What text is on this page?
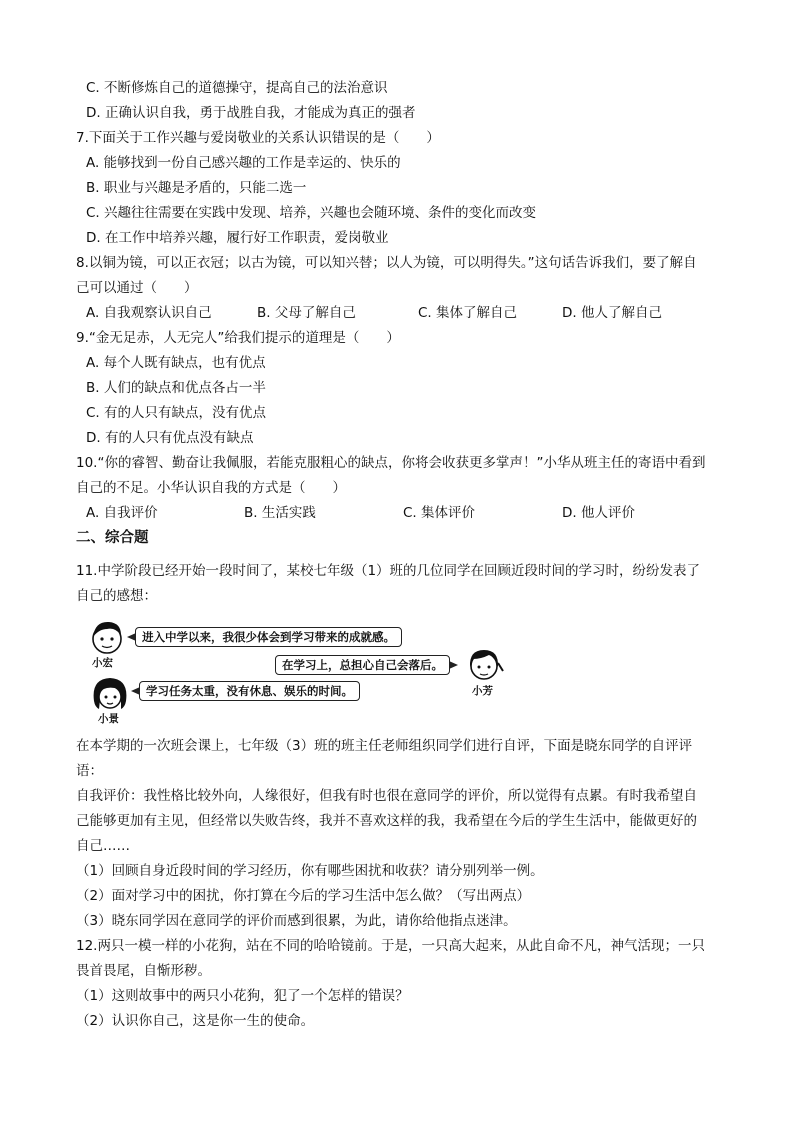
C. 不断修炼自己的道德操守，提高自己的法治意识
D. 正确认识自我，勇于战胜自我，才能成为真正的强者
7.下面关于工作兴趣与爱岗敬业的关系认识错误的是（　　）
A. 能够找到一份自己感兴趣的工作是幸运的、快乐的
B. 职业与兴趣是矛盾的，只能二选一
C. 兴趣往往需要在实践中发现、培养，兴趣也会随环境、条件的变化而改变
D. 在工作中培养兴趣，履行好工作职责，爱岗敬业
8.以铜为镜，可以正衣冠；以古为镜，可以知兴替；以人为镜，可以明得失。”这句话告诉我们，要了解自
己可以通过（　　）
A. 自我观察认识自己	B. 父母了解自己	C. 集体了解自己	D. 他人了解自己
9.“金无足赤，人无完人”给我们提示的道理是（　　）
A. 每个人既有缺点，也有优点
B. 人们的缺点和优点各占一半
C. 有的人只有缺点，没有优点
D. 有的人只有优点没有缺点
10.“你的睿智、勤奋让我佩服，若能克服粗心的缺点，你将会收获更多掌声！”小华从班主任的寄语中看到
自己的不足。小华认识自我的方式是（　　）
A. 自我评价	B. 生活实践	C. 集体评价	D. 他人评价
二、综合题
11.中学阶段已经开始一段时间了，某校七年级（1）班的几位同学在回顾近段时间的学习时，纷纷发表了
自己的感想：
小宏
进入中学以来，我很少体会到学习带来的成就感。
小芳
在学习上，总担心自己会落后。
小景
学习任务太重，没有休息、娱乐的时间。
在本学期的一次班会课上，七年级（3）班的班主任老师组织同学们进行自评，下面是晓东同学的自评评
语：
自我评价：我性格比较外向，人缘很好，但我有时也很在意同学的评价，所以觉得有点累。有时我希望自
己能够更加有主见，但经常以失败告终，我并不喜欢这样的我，我希望在今后的学生生活中，能做更好的
自己……
（1）回顾自身近段时间的学习经历，你有哪些困扰和收获？请分别列举一例。
（2）面对学习中的困扰，你打算在今后的学习生活中怎么做？（写出两点）
（3）晓东同学因在意同学的评价而感到很累，为此，请你给他指点迷津。
12.两只一模一样的小花狗，站在不同的哈哈镜前。于是，一只高大起来，从此自命不凡，神气活现；一只
畏首畏尾，自惭形秽。
（1）这则故事中的两只小花狗，犯了一个怎样的错误？
（2）认识你自己，这是你一生的使命。
